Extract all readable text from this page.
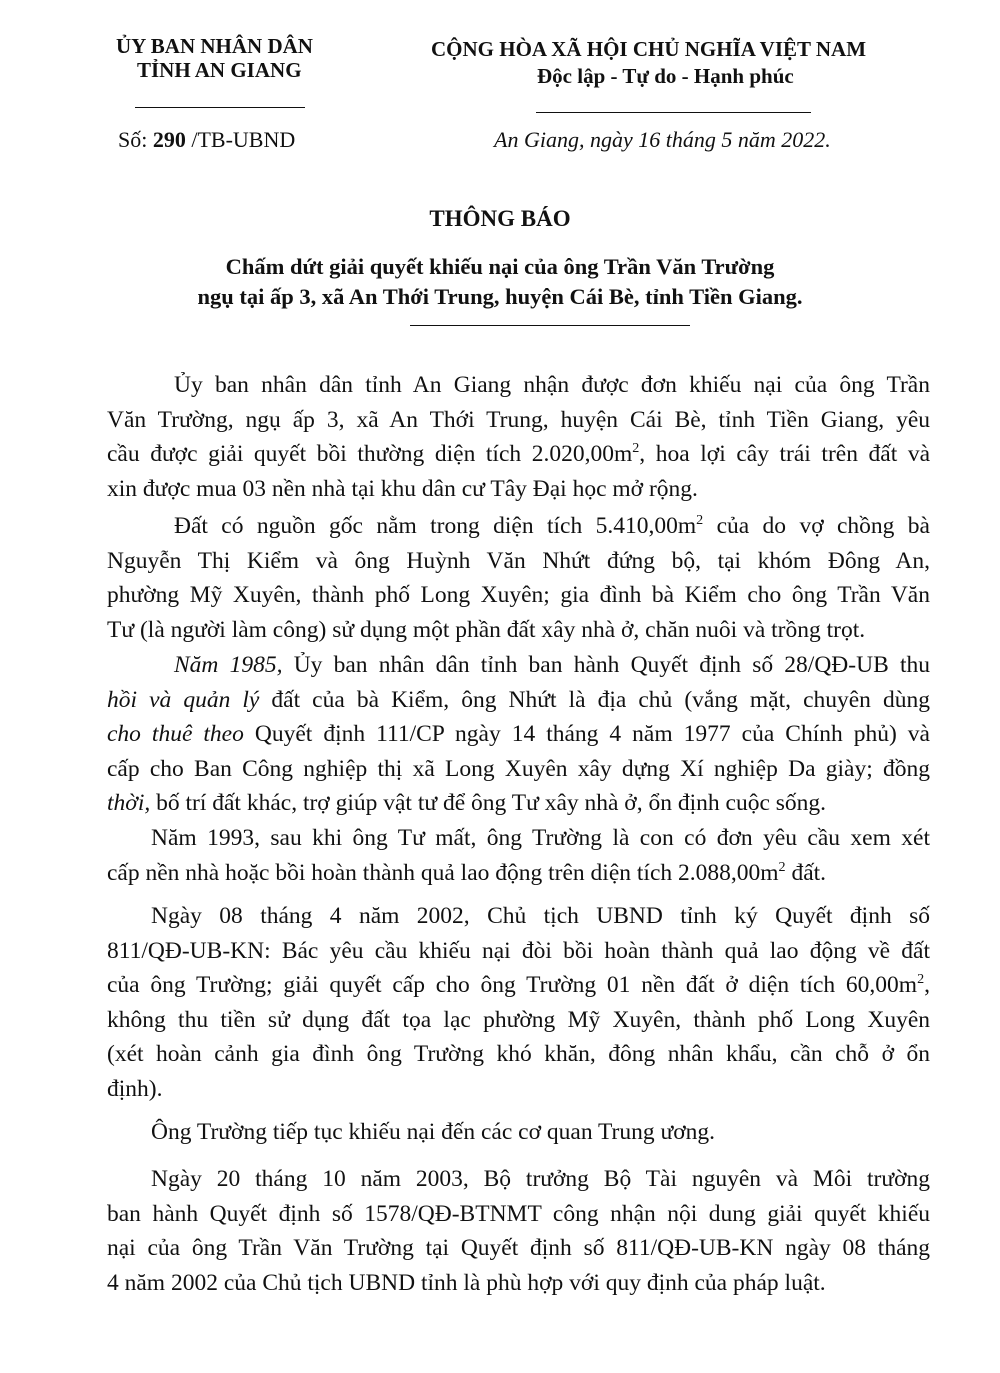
ỦY BAN NHÂN DÂN
TỈNH AN GIANG
Số: 290 /TB-UBND
CỘNG HÒA XÃ HỘI CHỦ NGHĨA VIỆT NAM
Độc lập - Tự do - Hạnh phúc
An Giang, ngày 16 tháng 5 năm 2022.
THÔNG BÁO
Chấm dứt giải quyết khiếu nại của ông Trần Văn Trường
ngụ tại ấp 3, xã An Thới Trung, huyện Cái Bè, tỉnh Tiền Giang.
Ủy ban nhân dân tỉnh An Giang nhận được đơn khiếu nại của ông Trần
Văn Trường, ngụ ấp 3, xã An Thới Trung, huyện Cái Bè, tỉnh Tiền Giang, yêu
cầu được giải quyết bồi thường diện tích $2.020,00m^2$, hoa lợi cây trái trên đất và
xin được mua 03 nền nhà tại khu dân cư Tây Đại học mở rộng.
Đất có nguồn gốc nằm trong diện tích $5.410,00m^2$ của do vợ chồng bà
Nguyễn Thị Kiểm và ông Huỳnh Văn Nhứt đứng bộ, tại khóm Đông An,
phường Mỹ Xuyên, thành phố Long Xuyên; gia đình bà Kiểm cho ông Trần Văn
Tư (là người làm công) sử dụng một phần đất xây nhà ở, chăn nuôi và trồng trọt.
Năm 1985, Ủy ban nhân dân tỉnh ban hành Quyết định số 28/QĐ-UB thu
hồi và quản lý đất của bà Kiểm, ông Nhứt là địa chủ (vắng mặt, chuyên dùng
cho thuê theo Quyết định 111/CP ngày 14 tháng 4 năm 1977 của Chính phủ) và
cấp cho Ban Công nghiệp thị xã Long Xuyên xây dựng Xí nghiệp Da giày; đồng
thời, bố trí đất khác, trợ giúp vật tư để ông Tư xây nhà ở, ổn định cuộc sống.
Năm 1993, sau khi ông Tư mất, ông Trường là con có đơn yêu cầu xem xét
cấp nền nhà hoặc bồi hoàn thành quả lao động trên diện tích $2.088,00m^2$ đất.
Ngày 08 tháng 4 năm 2002, Chủ tịch UBND tỉnh ký Quyết định số
811/QĐ-UB-KN: Bác yêu cầu khiếu nại đòi bồi hoàn thành quả lao động về đất
của ông Trường; giải quyết cấp cho ông Trường 01 nền đất ở diện tích $60,00m^2$,
không thu tiền sử dụng đất tọa lạc phường Mỹ Xuyên, thành phố Long Xuyên
(xét hoàn cảnh gia đình ông Trường khó khăn, đông nhân khẩu, cần chỗ ở ổn
định).
Ông Trường tiếp tục khiếu nại đến các cơ quan Trung ương.
Ngày 20 tháng 10 năm 2003, Bộ trưởng Bộ Tài nguyên và Môi trường
ban hành Quyết định số 1578/QĐ-BTNMT công nhận nội dung giải quyết khiếu
nại của ông Trần Văn Trường tại Quyết định số 811/QĐ-UB-KN ngày 08 tháng
4 năm 2002 của Chủ tịch UBND tỉnh là phù hợp với quy định của pháp luật.
